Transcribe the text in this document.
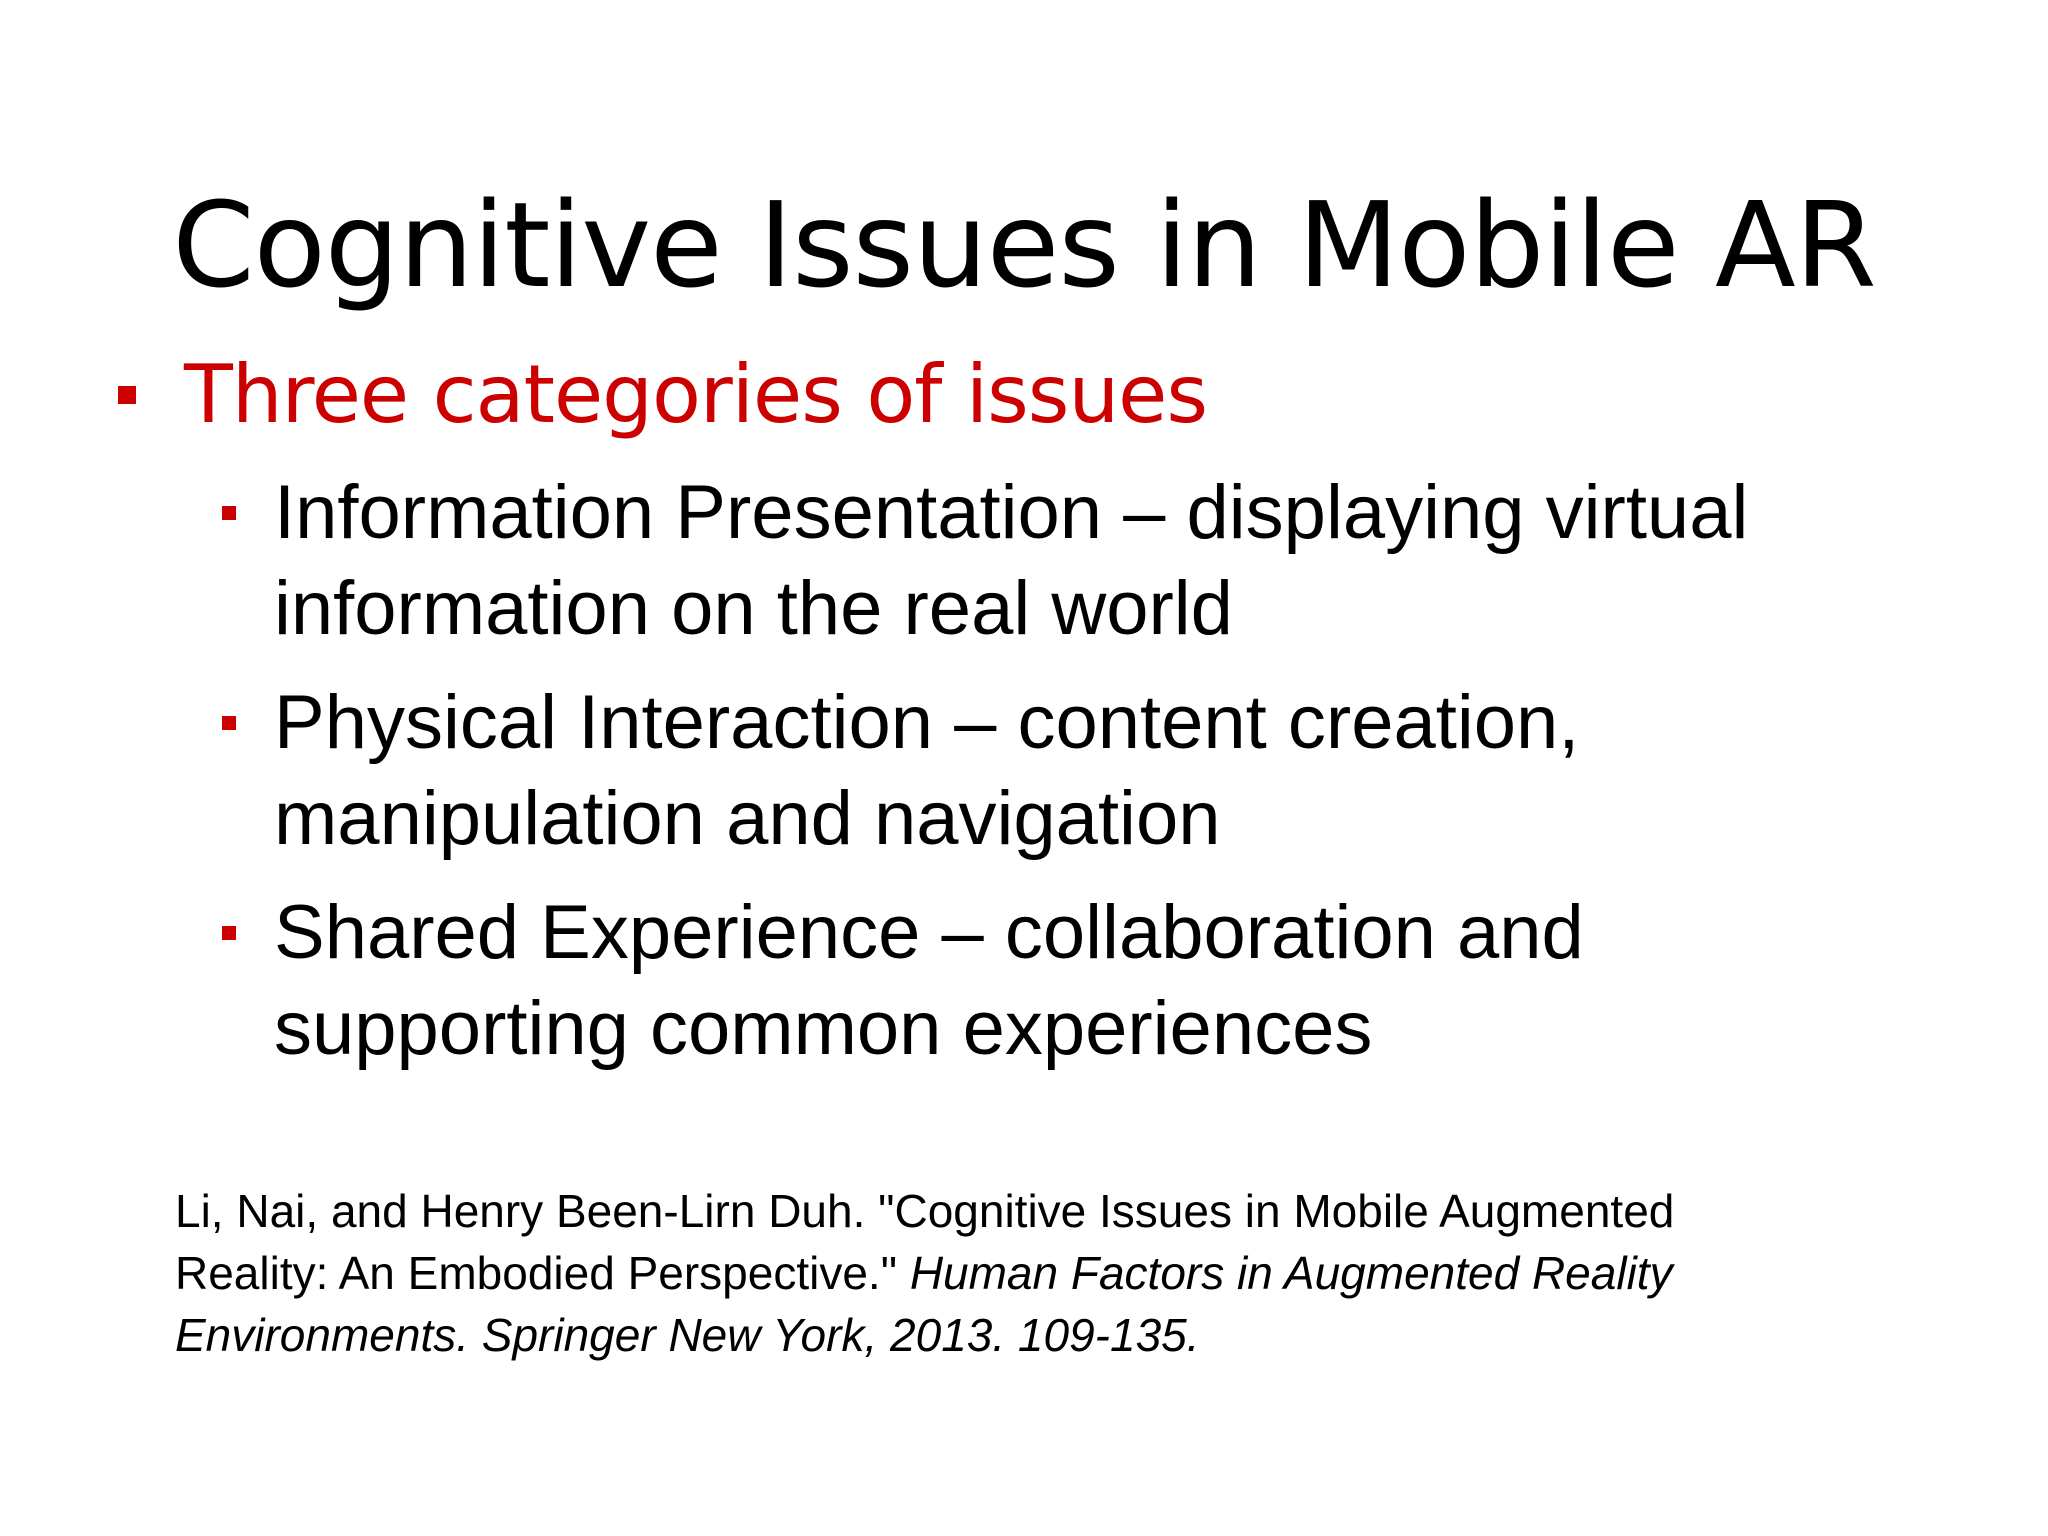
Cognitive Issues in Mobile AR
Three categories of issues
Information Presentation – displaying virtual
information on the real world
Physical Interaction – content creation,
manipulation and navigation
Shared Experience – collaboration and
supporting common experiences
Li, Nai, and Henry Been-Lirn Duh. "Cognitive Issues in Mobile Augmented
Reality: An Embodied Perspective." Human Factors in Augmented Reality
Environments. Springer New York, 2013. 109-135.
